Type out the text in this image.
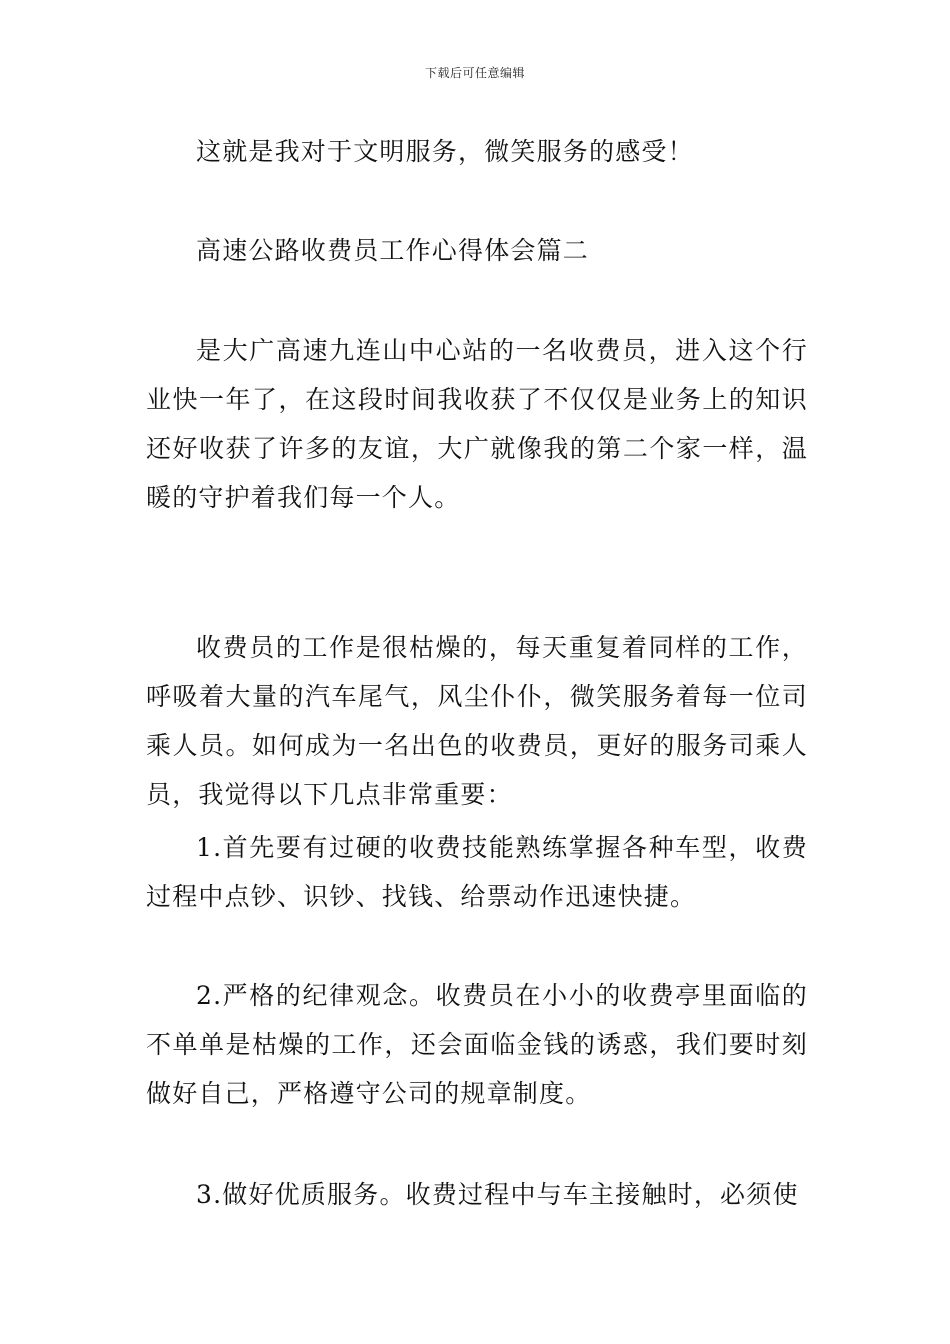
下载后可任意编辑

这就是我对于文明服务，微笑服务的感受！

高速公路收费员工作心得体会篇二

是大广高速九连山中心站的一名收费员，进入这个行业快一年了，在这段时间我收获了不仅仅是业务上的知识还好收获了许多的友谊，大广就像我的第二个家一样，温暖的守护着我们每一个人。

收费员的工作是很枯燥的，每天重复着同样的工作，呼吸着大量的汽车尾气，风尘仆仆，微笑服务着每一位司乘人员。如何成为一名出色的收费员，更好的服务司乘人员，我觉得以下几点非常重要：

1.首先要有过硬的收费技能熟练掌握各种车型，收费过程中点钞、识钞、找钱、给票动作迅速快捷。

2.严格的纪律观念。收费员在小小的收费亭里面临的不单单是枯燥的工作，还会面临金钱的诱惑，我们要时刻做好自己，严格遵守公司的规章制度。

3.做好优质服务。收费过程中与车主接触时，必须使
